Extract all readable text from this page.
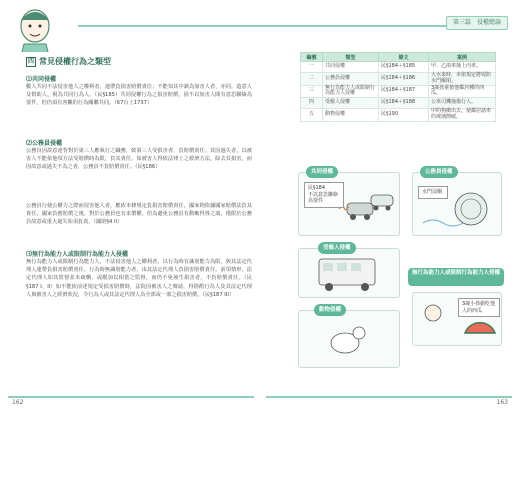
第三篇　侵權總論
四 常見侵權行為之類型
⑴共同侵權
數人共同不法侵害他人之權利者，連帶負損害賠償責任；不能知其中孰為加害人者，亦同。造意人及幫助人，視為共同行為人。（民§185）共同侵權行為之損害賠償，固不以加害人間有意思聯絡為要件，但仍須有客觀的行為關聯共同。（67台上1737）
⑵公務員侵權
公務員因故意違背對於第三人應執行之職務，致第三人受損害者，負賠償責任。其因過失者，以被害人不能依他項方法受賠償時為限，負其責任。如被害人得依法律上之救濟方法，除去其損害，而因故意或過失不為之者，公務員不負賠償責任。（民§186）
公務員行使公權力之際而侵害他人者，應依本條規定負損害賠償責任，國家則依據國家賠償法負其責任。國家負擔賠償之後，對於公務員也有求償權。但為避免公務員有動輒得咎之虞，僅限於公務員故意或重大過失始須負責。（國賠§4 II）
⑶無行為能力人或限制行為能力人侵權
無行為能力人或限制行為能力人，不法侵害他人之權利者，以行為時有識別能力為限，與其法定代理人連帶負損害賠償責任。行為時無識別能力者，由其法定代理人負損害賠償責任。前項情形，法定代理人如其監督並未疏懈，或縱加以相當之監督，而仍不免發生損害者，不負賠償責任。（民§187 I、II）如不能依前述規定受損害賠償時，法院因被害人之聲請，得斟酌行為人及其法定代理人與被害人之經濟狀況，令行為人或其法定代理人為全部或一部之損害賠償。（民§187 III）
162
編號	類型	條文	案例
一	共同侵權	民§184＋§185	甲、乙兩車撞上丙車。
二	公務員侵權	民§184＋§186	大水來時，未依規定將堤防水門關閉。
三	無行為能力人或限制行為能力人侵權	民§184＋§187	3歲孩童搶他鄰居種的西瓜。
四	受僱人侵權	民§184＋§188	公車司機撞傷行人。
五	動物侵權	民§190	甲的狗衝出去，使鄰居諸車的玻璃擦破。
共同侵權
民§184
不以意思聯絡為要件
公務員侵權
水門沒關
受僱人侵權
無行為能力人或限制行為能力人侵權
3歲小孩偷吃他人的西瓜
動物侵權
163
